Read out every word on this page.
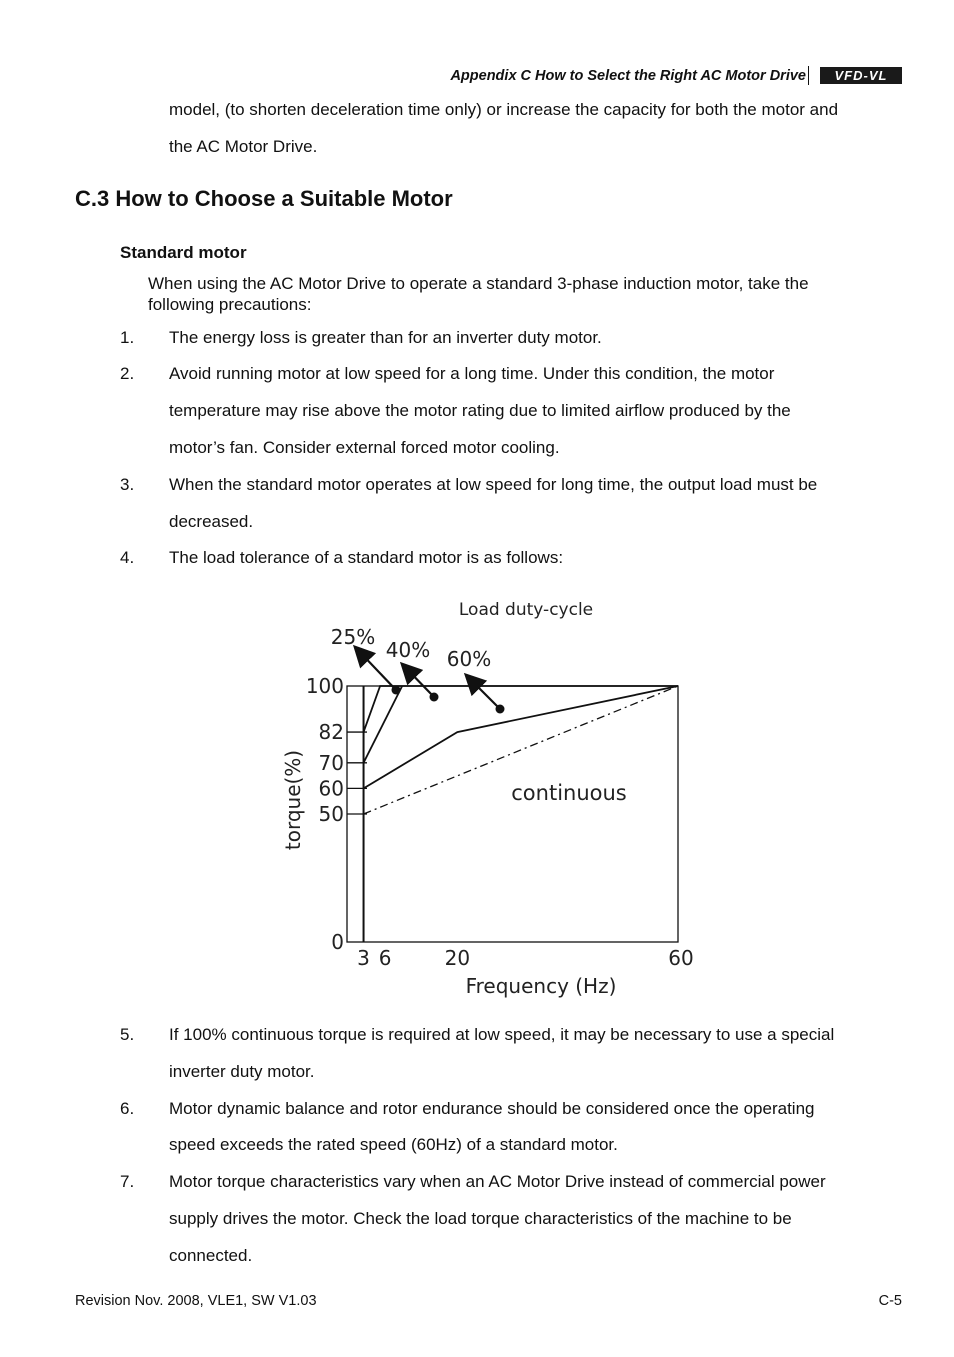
Appendix C How to Select the Right AC Motor Drive	VFD-VL
model, (to shorten deceleration time only) or increase the capacity for both the motor and
the AC Motor Drive.
C.3 How to Choose a Suitable Motor
Standard motor
When using the AC Motor Drive to operate a standard 3-phase induction motor, take the
following precautions:
1. The energy loss is greater than for an inverter duty motor.
2. Avoid running motor at low speed for a long time. Under this condition, the motor
temperature may rise above the motor rating due to limited airflow produced by the
motor’s fan. Consider external forced motor cooling.
3. When the standard motor operates at low speed for long time, the output load must be
decreased.
4. The load tolerance of a standard motor is as follows:
Load duty-cycle
100
82
70
60
50
0
3 6	20	60
25%
40% 60%
continuous
Frequency (Hz)
torque(%)
5. If 100% continuous torque is required at low speed, it may be necessary to use a special
inverter duty motor.
6. Motor dynamic balance and rotor endurance should be considered once the operating
speed exceeds the rated speed (60Hz) of a standard motor.
7. Motor torque characteristics vary when an AC Motor Drive instead of commercial power
supply drives the motor. Check the load torque characteristics of the machine to be
connected.
Revision Nov. 2008, VLE1, SW V1.03	C-5
